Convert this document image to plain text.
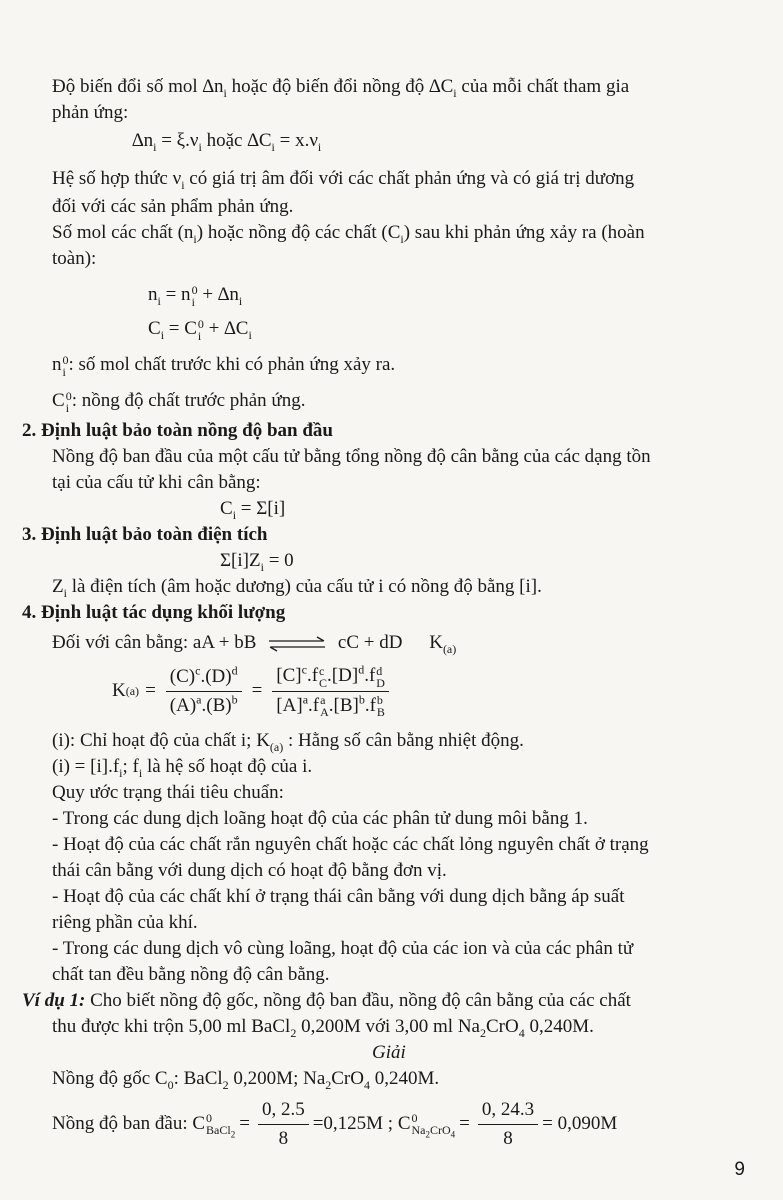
Độ biến đổi số mol $\Delta n_i$ hoặc độ biến đổi nồng độ $\Delta C_i$ của mỗi chất tham gia
phản ứng:
$\Delta n_i = \xi.\nu_i$ hoặc $\Delta C_i = x.\nu_i$
Hệ số hợp thức $\nu_i$ có giá trị âm đối với các chất phản ứng và có giá trị dương
đối với các sản phẩm phản ứng.
Số mol các chất $(n_i)$ hoặc nồng độ các chất $(C_i)$ sau khi phản ứng xảy ra (hoàn
toàn):
$n_i = n$ 0
$i + \Delta n_i$
$C_i = C$ 0
$i + \Delta C_i$
n 0
i : số mol chất trước khi có phản ứng xảy ra.
C 0
i : nồng độ chất trước phản ứng.
2. Định luật bảo toàn nồng độ ban đầu
Nồng độ ban đầu của một cấu tử bằng tổng nồng độ cân bằng của các dạng tồn
tại của cấu tử khi cân bằng:
$C_i = \Sigma[i]$
3. Định luật bảo toàn điện tích
$\Sigma[i]Z_i = 0$
$Z_i$ là điện tích (âm hoặc dương) của cấu tử i có nồng độ bằng [i].
4. Định luật tác dụng khối lượng
Đối với cân bằng: aA + bB ⇌ cC + dD $K_{(a)}$
K $(a) = \frac{(C)^c.(D)^d}{(A)^a.(B)^b} = [C]^c.f$ c
C $.[D]^d.f$ d
D
$[A]^a.f$ a
A $.[B]^b.f$ b
B
(i): Chỉ hoạt độ của chất i; $K_{(a)}$ : Hằng số cân bằng nhiệt động.
$(i) = [i].f_i$; $f_i$ là hệ số hoạt độ của i.
Quy ước trạng thái tiêu chuẩn:
- Trong các dung dịch loãng hoạt độ của các phân tử dung môi bằng 1.
- Hoạt độ của các chất rắn nguyên chất hoặc các chất lỏng nguyên chất ở trạng
thái cân bằng với dung dịch có hoạt độ bằng đơn vị.
- Hoạt độ của các chất khí ở trạng thái cân bằng với dung dịch bằng áp suất
riêng phần của khí.
- Trong các dung dịch vô cùng loãng, hoạt độ của các ion và của các phân tử
chất tan đều bằng nồng độ cân bằng.
Ví dụ 1: Cho biết nồng độ gốc, nồng độ ban đầu, nồng độ cân bằng của các chất
thu được khi trộn 5,00 ml BaCl$_2$ 0,200M với 3,00 ml $Na_2CrO_4$ 0,240M.
Giải
Nồng độ gốc $C_0$: BaCl$_2$ 0,200M; $Na_2CrO_4$ 0,240M.
Nồng độ ban đầu: C 0
BaCl$_2$
= $\frac{0, 2.5}{8} =0,125M$ ; C 0
$Na_2CrO_4$
= $\frac{0, 24.3}{8} = 0,090M$
9
